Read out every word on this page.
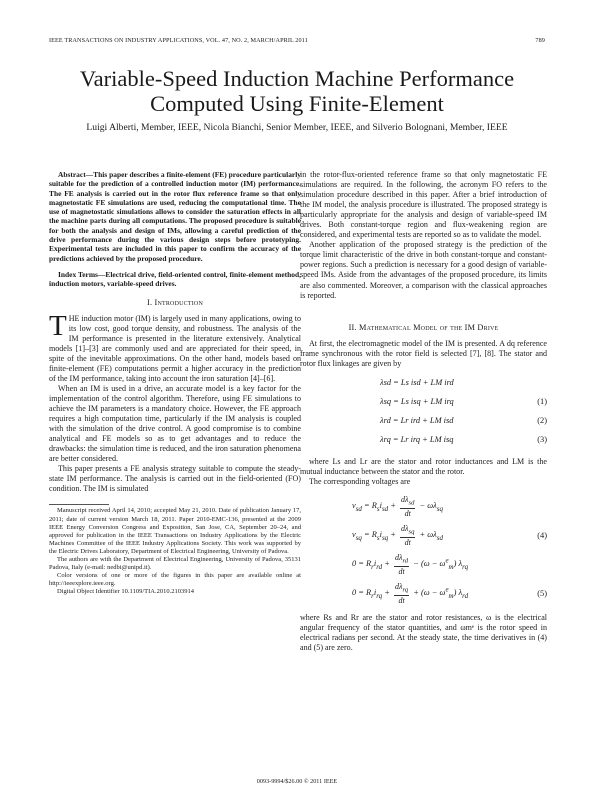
IEEE TRANSACTIONS ON INDUSTRY APPLICATIONS, VOL. 47, NO. 2, MARCH/APRIL 2011	789
Variable-Speed Induction Machine Performance
Computed Using Finite-Element
Luigi Alberti, Member, IEEE, Nicola Bianchi, Senior Member, IEEE, and Silverio Bolognani, Member, IEEE

Abstract—This paper describes a finite-element (FE) procedure particularly suitable for the prediction of a controlled induction motor (IM) performance. The FE analysis is carried out in the rotor flux reference frame so that only magnetostatic FE simulations are used, reducing the computational time. The use of magnetostatic simulations allows to consider the saturation effects in all the machine parts during all computations. The proposed procedure is suitable for both the analysis and design of IMs, allowing a careful prediction of the drive performance during the various design steps before prototyping. Experimental tests are included in this paper to confirm the accuracy of the predictions achieved by the proposed procedure.

Index Terms—Electrical drive, field-oriented control, finite-element method, induction motors, variable-speed drives.

I. Introduction

THE induction motor (IM) is largely used in many applications, owing to its low cost, good torque density, and robustness. The analysis of the IM performance is presented in the literature extensively. Analytical models [1]–[3] are commonly used and are appreciated for their speed, in spite of the inevitable approximations. On the other hand, models based on finite-element (FE) computations permit a higher accuracy in the prediction of the IM performance, taking into account the iron saturation [4]–[6].

When an IM is used in a drive, an accurate model is a key factor for the implementation of the control algorithm. Therefore, using FE simulations to achieve the IM parameters is a mandatory choice. However, the FE approach requires a high computation time, particularly if the IM analysis is coupled with the simulation of the drive control. A good compromise is to combine analytical and FE models so as to get advantages and to reduce the drawbacks: the simulation time is reduced, and the iron saturation phenomena are better considered.

This paper presents a FE analysis strategy suitable to compute the steady-state IM performance. The analysis is carried out in the field-oriented (FO) condition. The IM is simulated

Manuscript received April 14, 2010; accepted May 21, 2010. Date of publication January 17, 2011; date of current version March 18, 2011. Paper 2010-EMC-136, presented at the 2009 IEEE Energy Conversion Congress and Exposition, San Jose, CA, September 20–24, and approved for publication in the IEEE Transactions on Industry Applications by the Electric Machines Committee of the IEEE Industry Applications Society. This work was supported by the Electric Drives Laboratory, Department of Electrical Engineering, University of Padova.

The authors are with the Department of Electrical Engineering, University of Padova, 35131 Padova, Italy (e-mail: nedbi@unipd.it).

Color versions of one or more of the figures in this paper are available online at http://ieeexplore.ieee.org.

Digital Object Identifier 10.1109/TIA.2010.2103914

in the rotor-flux-oriented reference frame so that only magnetostatic FE simulations are required. In the following, the acronym FO refers to the simulation procedure described in this paper. After a brief introduction of the IM model, the analysis procedure is illustrated. The proposed strategy is particularly appropriate for the analysis and design of variable-speed IM drives. Both constant-torque region and flux-weakening region are considered, and experimental tests are reported so as to validate the model.

Another application of the proposed strategy is the prediction of the torque limit characteristic of the drive in both constant-torque and constant-power regions. Such a prediction is necessary for a good design of variable-speed IMs. Aside from the advantages of the proposed procedure, its limits are also commented. Moreover, a comparison with the classical approaches is reported.

II. Mathematical Model of the IM Drive

At first, the electromagnetic model of the IM is presented. A dq reference frame synchronous with the rotor field is selected [7], [8]. The stator and rotor flux linkages are given by

λsd = Ls isd + LM ird
λsq = Ls isq + LM irq	(1)
λrd = Lr ird + LM isd	(2)
λrq = Lr irq + LM isq	(3)

where Ls and Lr are the stator and rotor inductances and LM is the mutual inductance between the stator and the rotor.

The corresponding voltages are

$v_{sd} = R_si_{sd} + \frac{d\lambda_{sd}}{dt} - \omega\lambda_{sq}$
$v_{sq} = R_si_{sq} + \frac{d\lambda_{sq}}{dt} + \omega\lambda_{sd}$	(4)
$0 = R_ri_{rd} + \frac{d\lambda_{rd}}{dt} - (\omega - \omega^e_m)$ $\lambda_{rq}$
$0 = R_ri_{rq} + \frac{d\lambda_{rq}}{dt} + (\omega - \omega^e_m)$ $\lambda_{rd}$	(5)

where Rs and Rr are the stator and rotor resistances, ω is the electrical angular frequency of the stator quantities, and ωmᵉ is the rotor speed in electrical radians per second. At the steady state, the time derivatives in (4) and (5) are zero.

0093-9994/$26.00 © 2011 IEEE
